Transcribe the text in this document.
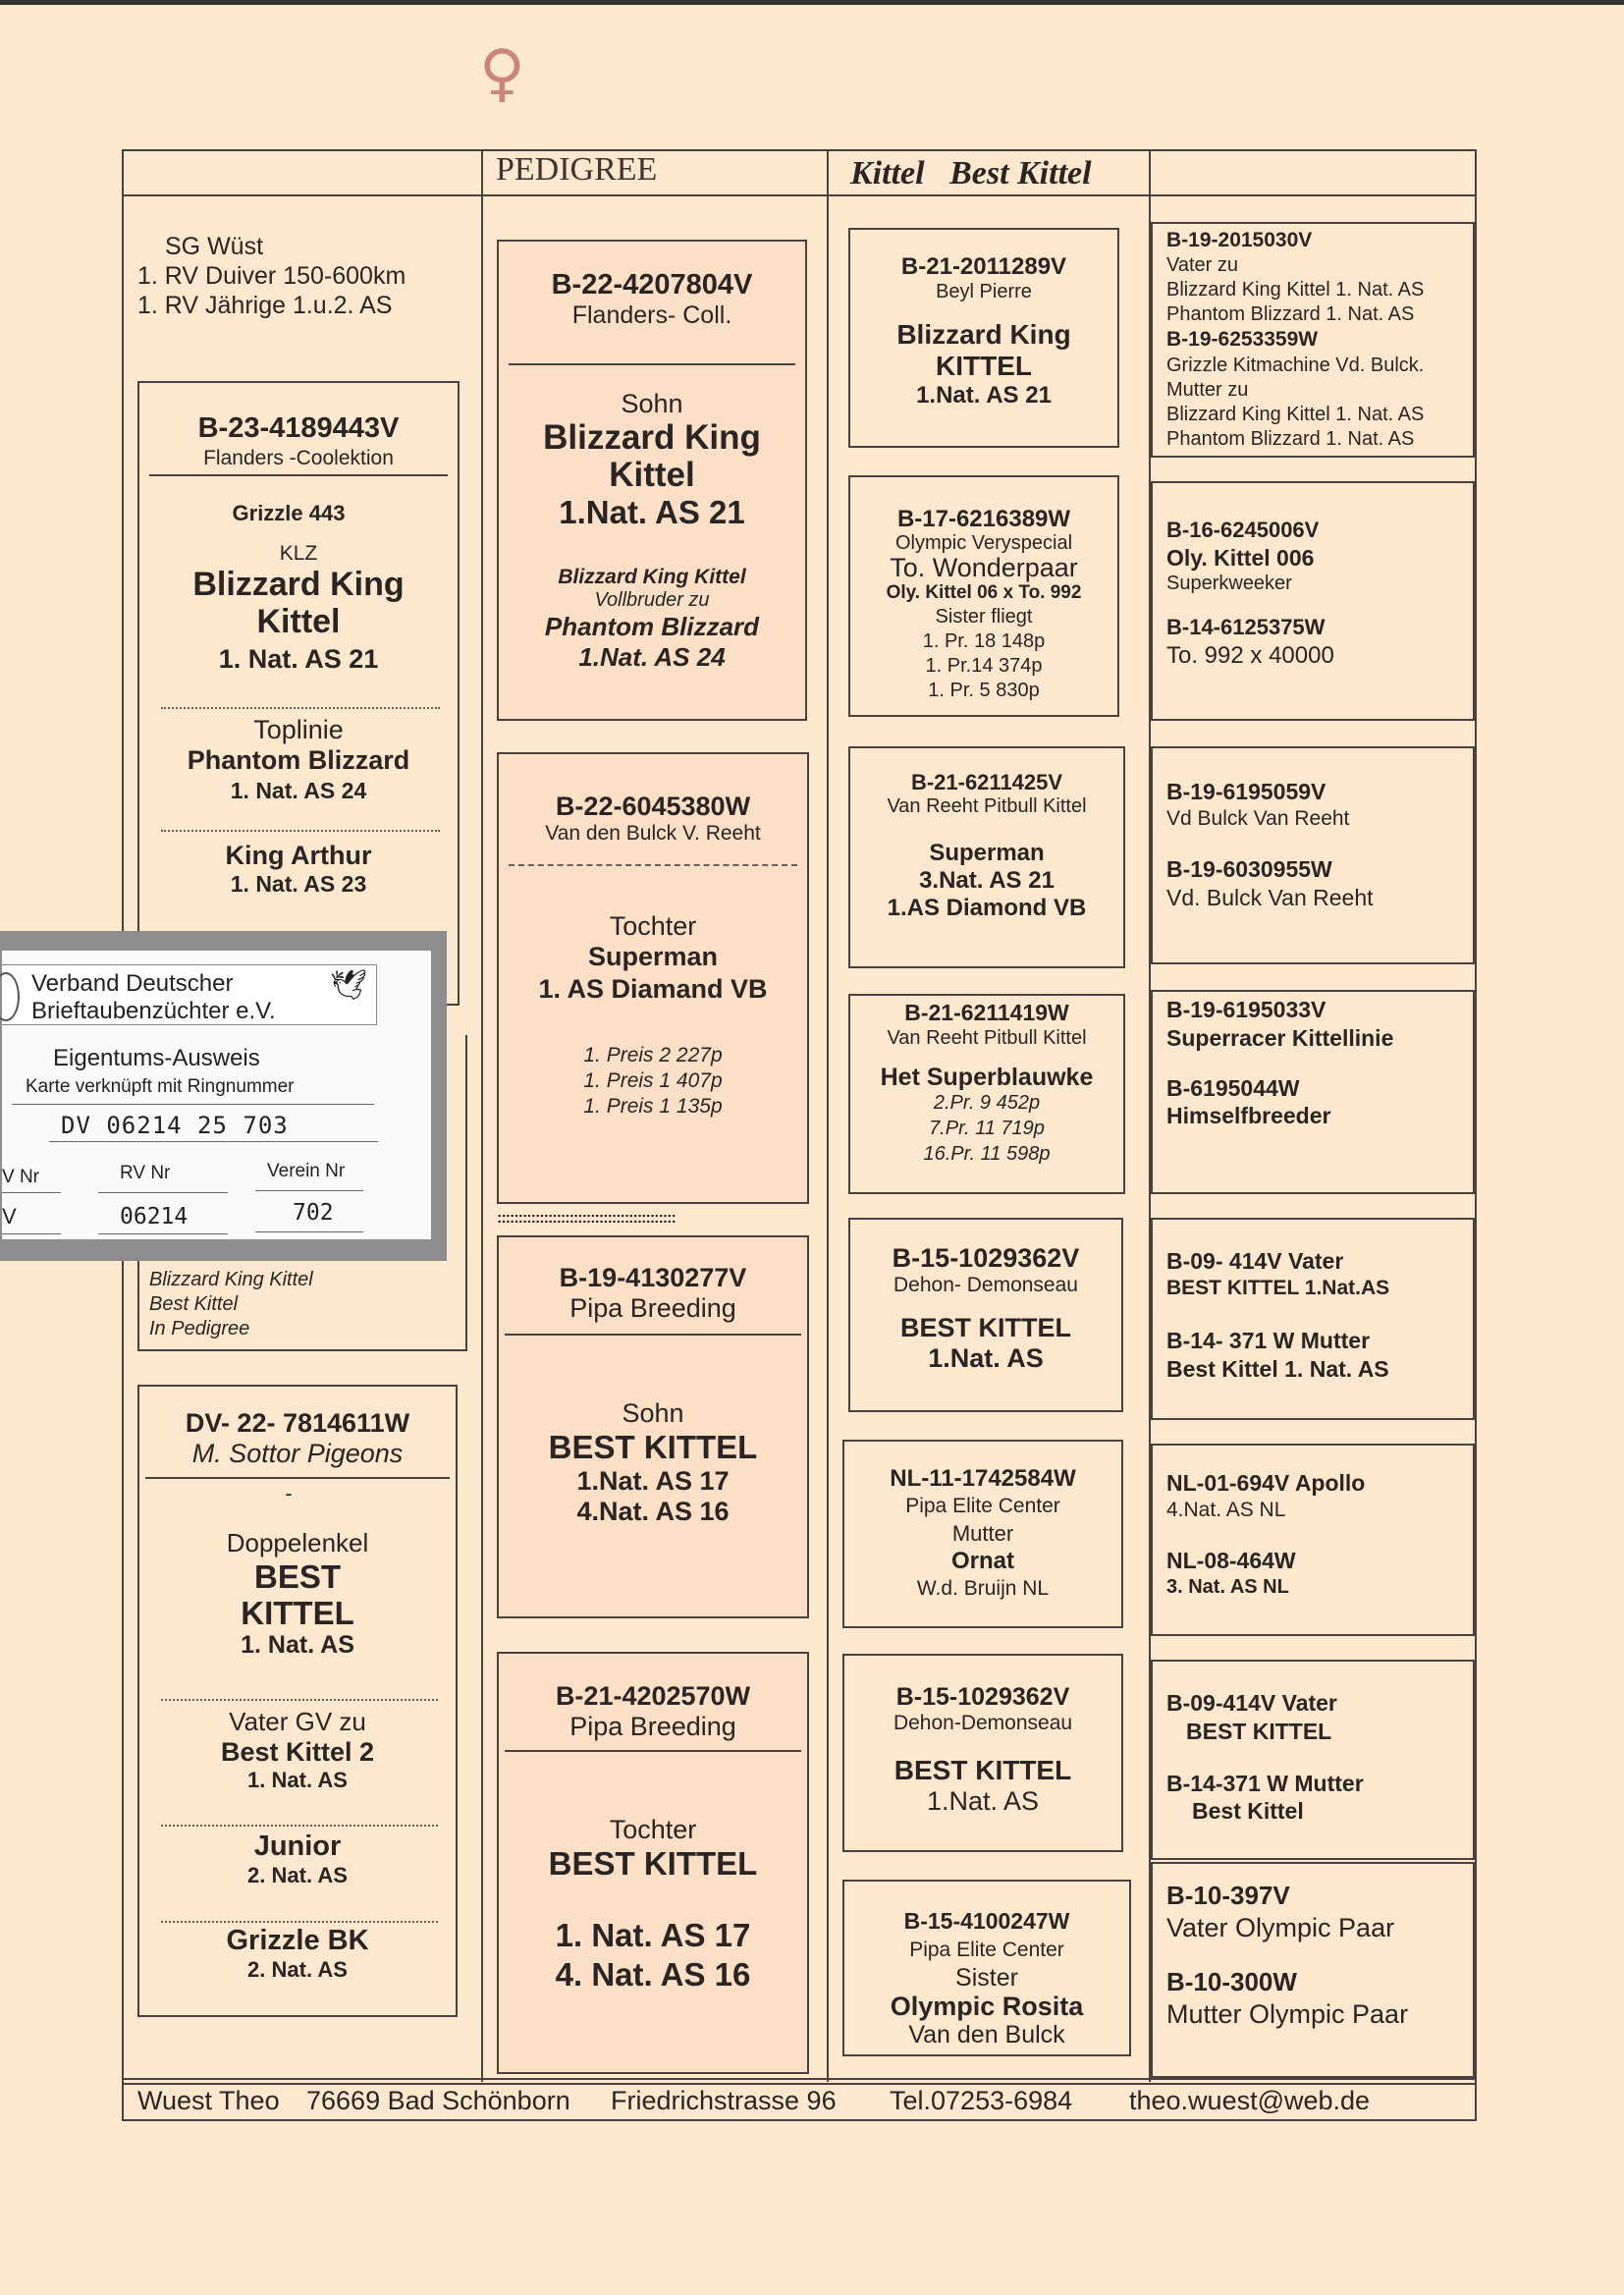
♀
PEDIGREE	Kittel Best Kittel
SG Wüst
1. RV Duiver 150-600km
1. RV Jährige 1.u.2. AS
B-23-4189443V
Flanders -Coolektion
Grizzle 443
KLZ
Blizzard King
Kittel
1. Nat. AS 21
Toplinie
Phantom Blizzard
1. Nat. AS 24
King Arthur
1. Nat. AS 23
Blizzard King Kittel
Best Kittel
In Pedigree
DV- 22- 7814611W
M. Sottor Pigeons
-
Doppelenkel
BEST
KITTEL
1. Nat. AS
Vater GV zu
Best Kittel 2
1. Nat. AS
Junior
2. Nat. AS
Grizzle BK
2. Nat. AS
Verband Deutscher
Brieftaubenzüchter e.V.
🕊
Eigentums-Ausweis
Karte verknüpft mit Ringnummer
DV 06214 25 703
V Nr	RV Nr	Verein Nr
V	06214	702
B-22-4207804V
Flanders- Coll.
Sohn
Blizzard King
Kittel
1.Nat. AS 21
Blizzard King Kittel
Vollbruder zu
Phantom Blizzard
1.Nat. AS 24
B-22-6045380W
Van den Bulck V. Reeht
Tochter
Superman
1. AS Diamand VB
1. Preis 2 227p
1. Preis 1 407p
1. Preis 1 135p
::::::::::::::::::::::::::::::::::::::::::
B-19-4130277V
Pipa Breeding
Sohn
BEST KITTEL
1.Nat. AS 17
4.Nat. AS 16
B-21-4202570W
Pipa Breeding
Tochter
BEST KITTEL
1. Nat. AS 17
4. Nat. AS 16
B-21-2011289V
Beyl Pierre
Blizzard King
KITTEL
1.Nat. AS 21
B-17-6216389W
Olympic Veryspecial
To. Wonderpaar
Oly. Kittel 06 x To. 992
Sister fliegt
1. Pr. 18 148p
1. Pr.14 374p
1. Pr. 5 830p
B-21-6211425V
Van Reeht Pitbull Kittel
Superman
3.Nat. AS 21
1.AS Diamond VB
B-21-6211419W
Van Reeht Pitbull Kittel
Het Superblauwke
2.Pr. 9 452p
7.Pr. 11 719p
16.Pr. 11 598p
B-15-1029362V
Dehon- Demonseau
BEST KITTEL
1.Nat. AS
NL-11-1742584W
Pipa Elite Center
Mutter
Ornat
W.d. Bruijn NL
B-15-1029362V
Dehon-Demonseau
BEST KITTEL
1.Nat. AS
B-15-4100247W
Pipa Elite Center
Sister
Olympic Rosita
Van den Bulck
B-19-2015030V
Vater zu
Blizzard King Kittel 1. Nat. AS
Phantom Blizzard 1. Nat. AS
B-19-6253359W
Grizzle Kitmachine Vd. Bulck.
Mutter zu
Blizzard King Kittel 1. Nat. AS
Phantom Blizzard 1. Nat. AS
B-16-6245006V
Oly. Kittel 006
Superkweeker
B-14-6125375W
To. 992 x 40000
B-19-6195059V
Vd Bulck Van Reeht
B-19-6030955W
Vd. Bulck Van Reeht
B-19-6195033V
Superracer Kittellinie
B-6195044W
Himselfbreeder
B-09- 414V Vater
BEST KITTEL 1.Nat.AS
B-14- 371 W Mutter
Best Kittel 1. Nat. AS
NL-01-694V Apollo
4.Nat. AS NL
NL-08-464W
3. Nat. AS NL
B-09-414V Vater
BEST KITTEL
B-14-371 W Mutter
Best Kittel
B-10-397V
Vater Olympic Paar
B-10-300W
Mutter Olympic Paar
Wuest Theo 76669 Bad Schönborn Friedrichstrasse 96 Tel.07253-6984 theo.wuest@web.de
